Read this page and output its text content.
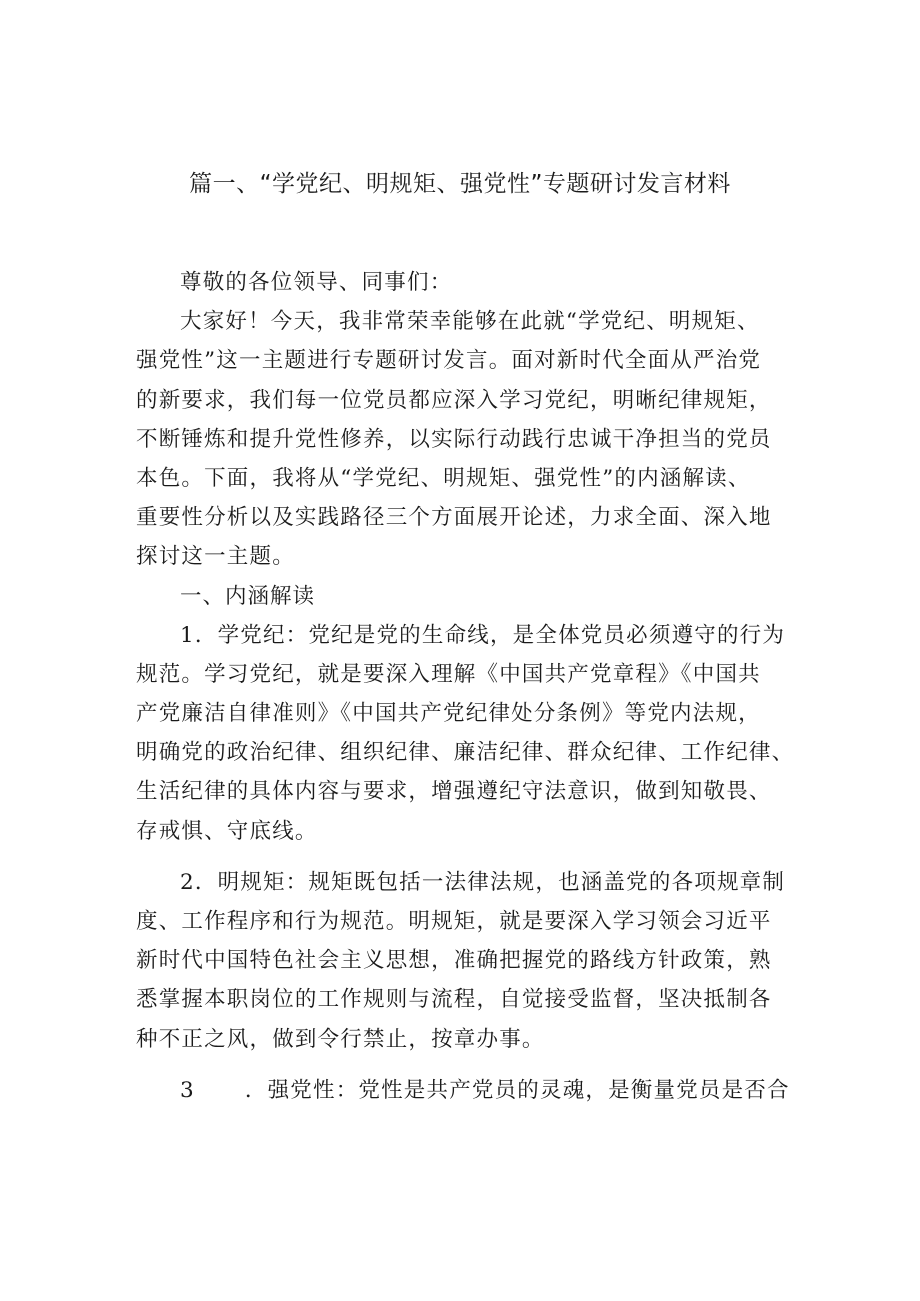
篇一、“学党纪、明规矩、强党性”专题研讨发言材料
尊敬的各位领导、同事们：
大家好！今天，我非常荣幸能够在此就“学党纪、明规矩、
强党性”这一主题进行专题研讨发言。面对新时代全面从严治党
的新要求，我们每一位党员都应深入学习党纪，明晰纪律规矩，
不断锤炼和提升党性修养，以实际行动践行忠诚干净担当的党员
本色。下面，我将从“学党纪、明规矩、强党性”的内涵解读、
重要性分析以及实践路径三个方面展开论述，力求全面、深入地
探讨这一主题。
一、内涵解读
1．学党纪：党纪是党的生命线，是全体党员必须遵守的行为
规范。学习党纪，就是要深入理解《中国共产党章程》《中国共
产党廉洁自律准则》《中国共产党纪律处分条例》等党内法规，
明确党的政治纪律、组织纪律、廉洁纪律、群众纪律、工作纪律、
生活纪律的具体内容与要求，增强遵纪守法意识，做到知敬畏、
存戒惧、守底线。
2．明规矩：规矩既包括一法律法规，也涵盖党的各项规章制
度、工作程序和行为规范。明规矩，就是要深入学习领会习近平
新时代中国特色社会主义思想，准确把握党的路线方针政策，熟
悉掌握本职岗位的工作规则与流程，自觉接受监督，坚决抵制各
种不正之风，做到令行禁止，按章办事。
3 ．强党性：党性是共产党员的灵魂，是衡量党员是否合
